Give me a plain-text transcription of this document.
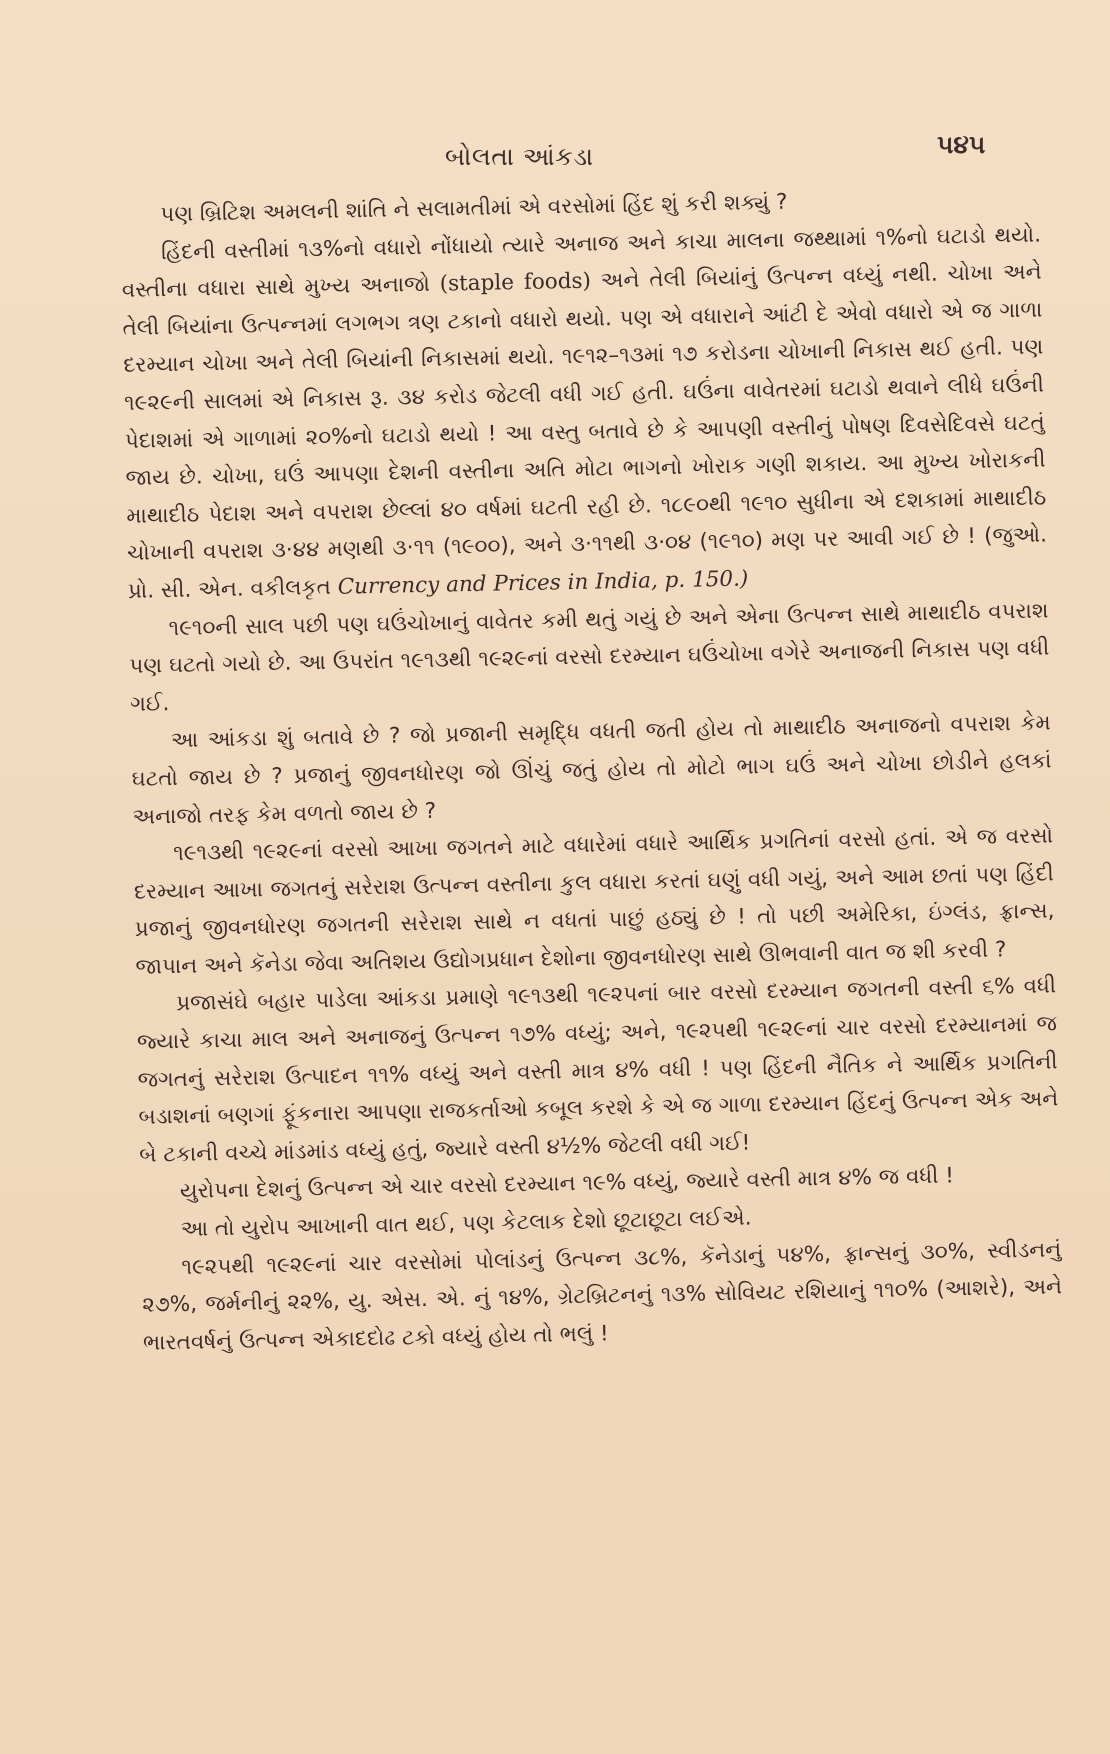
બોલતા આંકડા	૫૪૫

પણ બ્રિટિશ અમલની શાંતિ ને સલામતીમાં એ વરસોમાં હિંદ શું કરી શક્યું ?

હિંદની વસ્તીમાં ૧૩%નો વધારો નોંધાયો ત્યારે અનાજ અને કાચા માલના જથ્થામાં ૧%નો ઘટાડો થયો. વસ્તીના વધારા સાથે મુખ્ય અનાજો (staple foods) અને તેલી બિયાંનું ઉત્પન્ન વધ્યું નથી. ચોખા અને તેલી બિયાંના ઉત્પન્નમાં લગભગ ત્રણ ટકાનો વધારો થયો. પણ એ વધારાને આંટી દે એવો વધારો એ જ ગાળા દરમ્યાન ચોખા અને તેલી બિયાંની નિકાસમાં થયો. ૧૯૧૨–૧૩માં ૧૭ કરોડના ચોખાની નિકાસ થઈ હતી. પણ ૧૯૨૯ની સાલમાં એ નિકાસ રૂ. ૩૪ કરોડ જેટલી વધી ગઈ હતી. ઘઉંના વાવેતરમાં ઘટાડો થવાને લીધે ઘઉંની પેદાશમાં એ ગાળામાં ૨૦%નો ઘટાડો થયો ! આ વસ્તુ બતાવે છે કે આપણી વસ્તીનું પોષણ દિવસેદિવસે ઘટતું જાય છે. ચોખા, ઘઉં આપણા દેશની વસ્તીના અતિ મોટા ભાગનો ખોરાક ગણી શકાય. આ મુખ્ય ખોરાકની માથાદીઠ પેદાશ અને વપરાશ છેલ્લાં ૪૦ વર્ષમાં ઘટતી રહી છે. ૧૮૯૦થી ૧૯૧૦ સુધીના એ દશકામાં માથાદીઠ ચોખાની વપરાશ ૩·૪૪ મણથી ૩·૧૧ (૧૯૦૦), અને ૩·૧૧થી ૩·૦૪ (૧૯૧૦) મણ પર આવી ગઈ છે ! (જુઓ. પ્રો. સી. એન. વકીલકૃત Currency and Prices in India, p. 150.)

૧૯૧૦ની સાલ પછી પણ ઘઉંચોખાનું વાવેતર કમી થતું ગયું છે અને એના ઉત્પન્ન સાથે માથાદીઠ વપરાશ પણ ઘટતો ગયો છે. આ ઉપરાંત ૧૯૧૩થી ૧૯૨૯નાં વરસો દરમ્યાન ઘઉંચોખા વગેરે અનાજની નિકાસ પણ વધી ગઈ.

આ આંકડા શું બતાવે છે ? જો પ્રજાની સમૃદ્ધિ વધતી જતી હોય તો માથાદીઠ અનાજનો વપરાશ કેમ ઘટતો જાય છે ? પ્રજાનું જીવનધોરણ જો ઊંચું જતું હોય તો મોટો ભાગ ઘઉં અને ચોખા છોડીને હલકાં અનાજો તરફ કેમ વળતો જાય છે ?

૧૯૧૩થી ૧૯૨૯નાં વરસો આખા જગતને માટે વધારેમાં વધારે આર્થિક પ્રગતિનાં વરસો હતાં. એ જ વરસો દરમ્યાન આખા જગતનું સરેરાશ ઉત્પન્ન વસ્તીના કુલ વધારા કરતાં ઘણું વધી ગયું, અને આમ છતાં પણ હિંદી પ્રજાનું જીવનધોરણ જગતની સરેરાશ સાથે ન વધતાં પાછું હઠ્યું છે ! તો પછી અમેરિકા, ઇંગ્લંડ, ફ્રાન્સ, જાપાન અને કૅનેડા જેવા અતિશય ઉદ્યોગપ્રધાન દેશોના જીવનધોરણ સાથે ઊભવાની વાત જ શી કરવી ?

પ્રજાસંઘે બહાર પાડેલા આંકડા પ્રમાણે ૧૯૧૩થી ૧૯૨૫નાં બાર વરસો દરમ્યાન જગતની વસ્તી ૬% વધી જ્યારે કાચા માલ અને અનાજનું ઉત્પન્ન ૧૭% વધ્યું; અને, ૧૯૨૫થી ૧૯૨૯નાં ચાર વરસો દરમ્યાનમાં જ જગતનું સરેરાશ ઉત્પાદન ૧૧% વધ્યું અને વસ્તી માત્ર ૪% વધી ! પણ હિંદની નૈતિક ને આર્થિક પ્રગતિની બડાશનાં બણગાં ફૂંકનારા આપણા રાજકર્તાઓ કબૂલ કરશે કે એ જ ગાળા દરમ્યાન હિંદનું ઉત્પન્ન એક અને બે ટકાની વચ્ચે માંડમાંડ વધ્યું હતું, જ્યારે વસ્તી ૪½% જેટલી વધી ગઈ!

યુરોપના દેશનું ઉત્પન્ન એ ચાર વરસો દરમ્યાન ૧૯% વધ્યું, જ્યારે વસ્તી માત્ર ૪% જ વધી !

આ તો યુરોપ આખાની વાત થઈ, પણ કેટલાક દેશો છૂટાછૂટા લઈએ.

૧૯૨૫થી ૧૯૨૯નાં ચાર વરસોમાં પોલાંડનું ઉત્પન્ન ૩૮%, કૅનેડાનું ૫૪%, ફ્રાન્સનું ૩૦%, સ્વીડનનું ૨૭%, જર્મનીનું ૨૨%, યુ. એસ. એ. નું ૧૪%, ગ્રેટબ્રિટનનું ૧૩% સોવિયટ રશિયાનું ૧૧૦% (આશરે), અને ભારતવર્ષનું ઉત્પન્ન એકાદદોઢ ટકો વધ્યું હોય તો ભલું !
